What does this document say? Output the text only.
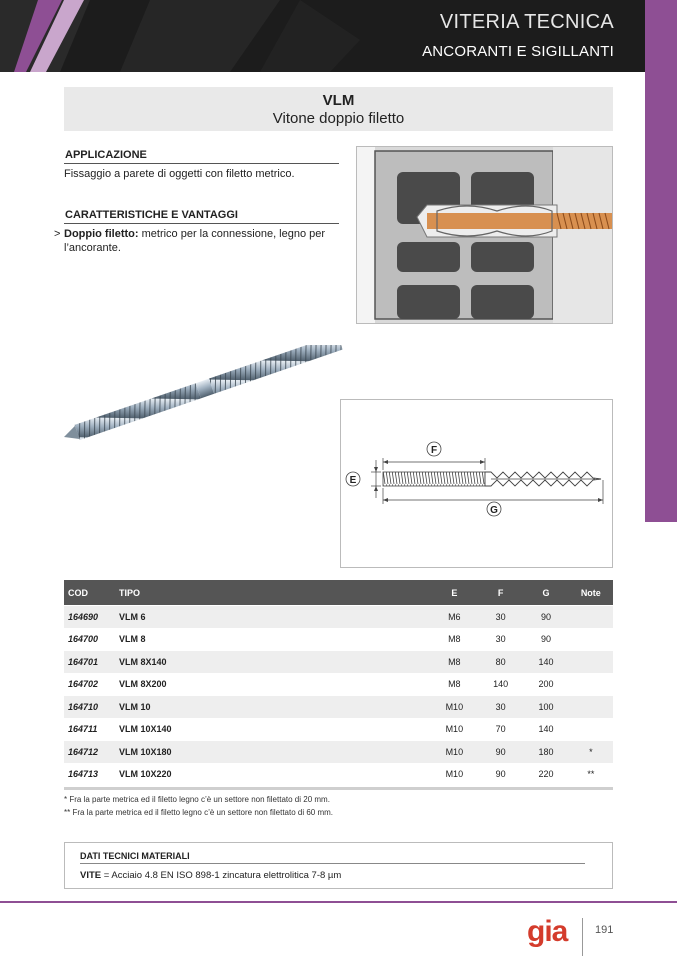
VITERIA TECNICA
ANCORANTI E SIGILLANTI
VLM
Vitone doppio filetto
APPLICAZIONE
Fissaggio a parete di oggetti con filetto metrico.
CARATTERISTICHE E VANTAGGI
> Doppio filetto: metrico per la connessione, legno per
l’ancorante.
F
E
G
COD	TIPO	E	F	G	Note
164690	VLM 6	M6	30	90
164700	VLM 8	M8	30	90
164701	VLM 8X140	M8	80	140
164702	VLM 8X200	M8	140	200
164710	VLM 10	M10	30	100
164711	VLM 10X140	M10	70	140
164712	VLM 10X180	M10	90	180	*
164713	VLM 10X220	M10	90	220	**
* Fra la parte metrica ed il filetto legno c’è un settore non filettato di 20 mm.
** Fra la parte metrica ed il filetto legno c’è un settore non filettato di 60 mm.
DATI TECNICI MATERIALI
VITE = Acciaio 4.8 EN ISO 898-1 zincatura elettrolitica 7-8 µm
gia	191
